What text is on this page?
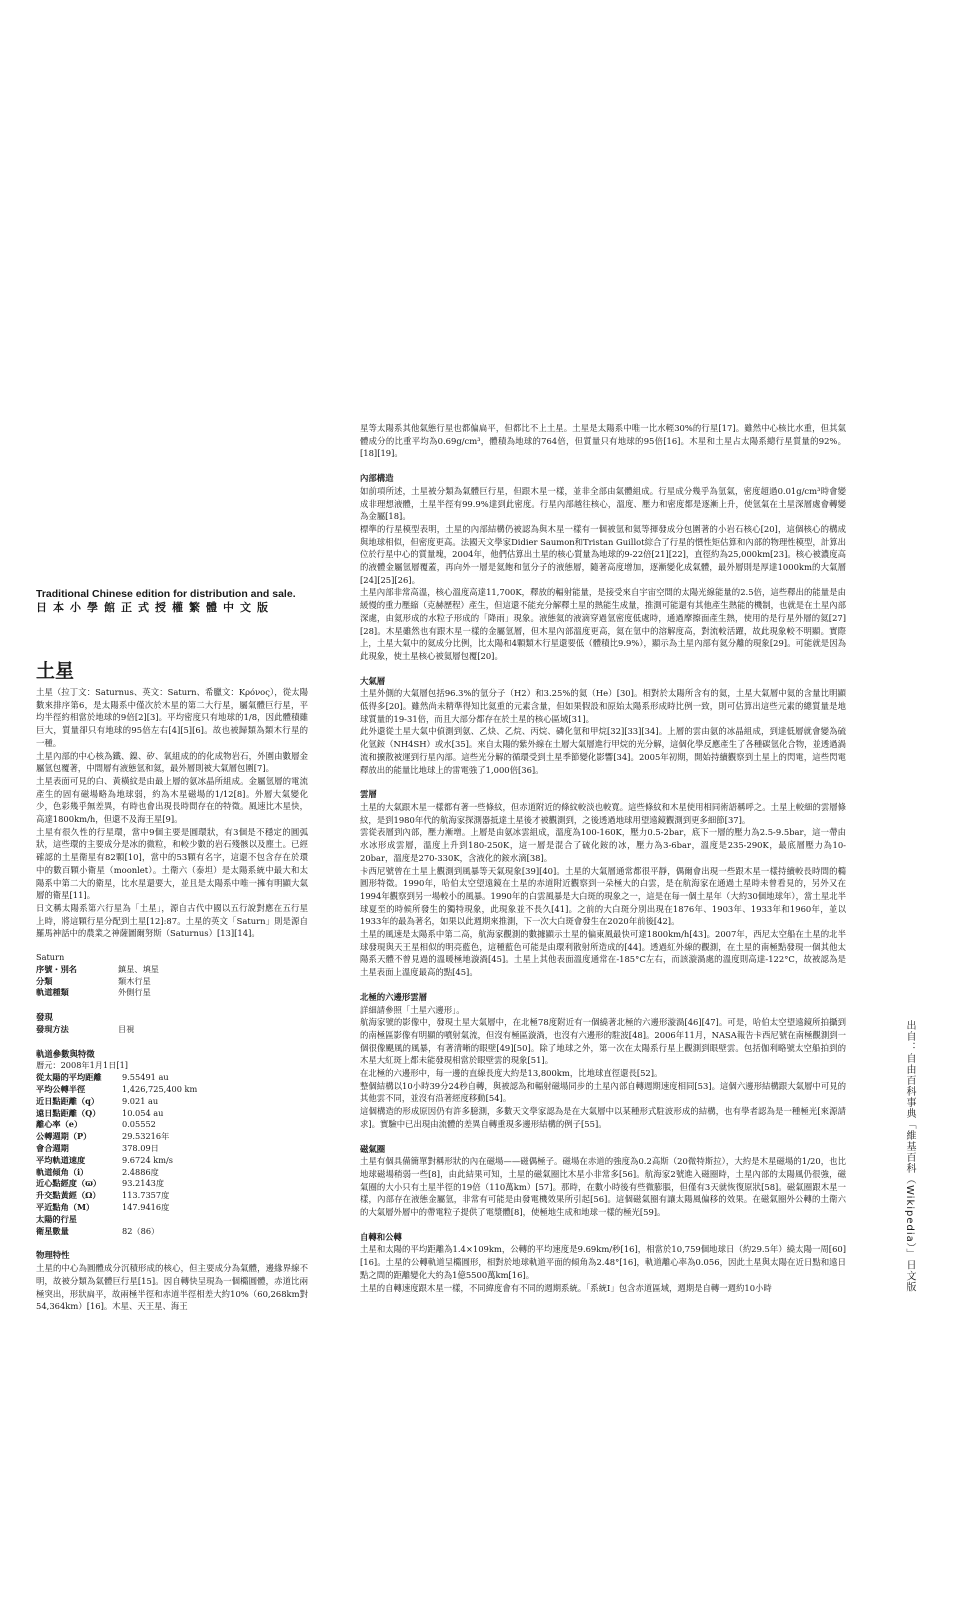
Traditional Chinese edition for distribution and sale.

日本小學館正式授權繁體中文版

土星

土星（拉丁文：Saturnus、英文：Saturn、希臘文：Κρόνος），從太陽數來排序第6，是太陽系中僅次於木星的第二大行星，屬氣體巨行星，平均半徑約相當於地球的9倍[2][3]。平均密度只有地球的1/8，因此體積雖巨大，質量卻只有地球的95倍左右[4][5][6]。故也被歸類為類木行星的一種。

土星內部的中心核為鐵、鎳、矽、氧組成的的化成物岩石，外圍由數層金屬氫包覆著，中間層有液態氫和氦，最外層則被大氣層包圍[7]。

土星表面可見的白、黃橫紋是由最上層的氨冰晶所組成。金屬氫層的電流產生的固有磁場略為地球弱，約為木星磁場的1/12[8]。外層大氣變化少，色彩幾乎無差異，有時也會出現長時間存在的特徵。風速比木星快，高達1800km/h，但還不及海王星[9]。

土星有很久性的行星環，當中9個主要是圓環狀，有3個是不穩定的圓弧狀，這些環的主要成分是冰的微粒，和較少數的岩石殘骸以及塵土。已經確認的土星衛星有82顆[10]，當中的53顆有名字，這還不包含存在於環中的數百顆小衛星（moonlet）。土衛六（泰坦）是太陽系統中最大和太陽系中第二大的衛星，比水星還要大，並且是太陽系中唯一擁有明顯大氣層的衛星[11]。

日文稱太陽系第六行星為「土星」，源自古代中國以五行說對應在五行星上時，將這顆行星分配到土星[12]:87。土星的英文「Saturn」則是源自羅馬神話中的農業之神薩圖爾努斯（Saturnus）[13][14]。

Saturn

序號・別名	鎮星、填星
分類	類木行星
軌道種類	外側行星

發現

發現方法	目視

軌道參數與特徵

曆元：2008年1月1日[1]

從太陽的平均距離	9.55491 au
平均公轉半徑	1,426,725,400 km
近日點距離（q）	9.021 au
遠日點距離（Q）	10.054 au
離心率（e）	0.05552
公轉週期（P）	29.53216年
會合週期	378.09日
平均軌道速度	9.6724 km/s
軌道傾角（i）	2.4886度
近心點經度（ϖ）	93.2143度
升交點黃經（Ω）	113.7357度
平近點角（M）	147.9416度
太陽的行星	
衛星數量	82（86）

物理特性

土星的中心為圓體成分沉積形成的核心，但主要成分為氣體，邊緣界線不明，故被分類為氣體巨行星[15]。因自轉快呈現為一個橢圓體，赤道比兩極突出，形狀扁平，故兩極半徑和赤道半徑相差大約10%（60,268km對54,364km）[16]。木星、天王星、海王

星等太陽系其他氣態行星也都偏扁平，但都比不上土星。土星是太陽系中唯一比水輕30%的行星[17]。雖然中心核比水重，但其氣體成分的比重平均為0.69g/cm³，體積為地球的764倍，但質量只有地球的95倍[16]。木星和土星占太陽系總行星質量的92%。[18][19]。

內部構造

如前項所述，土星被分類為氣體巨行星，但跟木星一樣，並非全部由氣體組成。行星成分幾乎為氫氣，密度超過0.01g/cm³時會變成非理想液體，土星半徑有99.9%達到此密度。行星內部越往核心，溫度、壓力和密度都是逐漸上升，使氫氣在土星深層處會轉變為金屬[18]。

標準的行星模型表明，土星的內部結構仍被認為與木星一樣有一個被氫和氦等揮發成分包圍著的小岩石核心[20]，這個核心的構成與地球相似，但密度更高。法國天文學家Didier Saumon和Tristan Guillot綜合了行星的慣性矩估算和內部的物理性模型，計算出位於行星中心的質量塊，2004年，他們估算出土星的核心質量為地球的9-22倍[21][22]，直徑約為25,000km[23]。核心被濃度高的液體金屬氫層覆蓋，再向外一層是氦飽和氫分子的液態層，隨著高度增加，逐漸變化成氣體，最外層則是厚達1000km的大氣層[24][25][26]。

土星內部非常高溫，核心溫度高達11,700K，釋放的輻射能量，是接受來自宇宙空間的太陽光線能量的2.5倍，這些釋出的能量是由緩慢的重力壓縮（克赫歷程）產生，但這還不能充分解釋土星的熱能生成量，推測可能還有其他產生熱能的機制，也就是在土星內部深處，由氦形成的水粒子形成的「降雨」現象。液態氦的液滴穿過氫密度低處時，通過摩擦面產生熱，使用的是行星外層的氦[27][28]。木星雖然也有跟木星一樣的金屬氫層，但木星內部溫度更高，氦在氫中的溶解度高，對流較活躍，故此現象較不明顯。實際上，土星大氣中的氦成分比例，比太陽和4顆類木行星還要低（體積比9.9%），顯示為土星內部有氦分離的現象[29]。可能就是因為此現象，使土星核心被氦層包覆[20]。

大氣層

土星外側的大氣層包括96.3%的氫分子（H2）和3.25%的氦（He）[30]。相對於太陽所含有的氦，土星大氣層中氦的含量比明顯低得多[20]。雖然尚未精準得知比氦重的元素含量，但如果假設和原始太陽系形成時比例一致，則可估算出這些元素的總質量是地球質量的19-31倍，而且大部分都存在於土星的核心區域[31]。

此外還從土星大氣中偵測到氨、乙炔、乙烷、丙烷、磷化氫和甲烷[32][33][34]。上層的雲由氨的冰晶組成，到達低層就會變為硫化氫銨（NH4SH）或水[35]。來自太陽的紫外線在土層大氣層進行甲烷的光分解，這個化學反應產生了各種碳氫化合物，並透過渦流和擴散被運到行星內部。這些光分解的循環受到土星季節變化影響[34]。2005年初期，開始持續觀察到土星上的閃電，這些閃電釋放出的能量比地球上的雷電強了1,000倍[36]。

雲層

土星的大氣跟木星一樣都有著一些條紋，但赤道附近的條紋較淡也較寬。這些條紋和木星使用相同術語稱呼之。土星上較細的雲層條紋，是到1980年代的航海家探測器抵達土星後才被觀測到，之後透過地球用望遠鏡觀測到更多細節[37]。

雲從表層到內部，壓力漸增。上層是由氨冰雲組成，溫度為100-160K，壓力0.5-2bar，底下一層的壓力為2.5-9.5bar，這一帶由水冰形成雲層，溫度上升到180-250K，這一層是混合了硫化銨的冰，壓力為3-6bar，溫度是235-290K，最底層壓力為10-20bar，溫度是270-330K，含液化的銨水滴[38]。

卡西尼號曾在土星上觀測到風暴等天氣現象[39][40]。土星的大氣層通常都很平靜，偶爾會出現一些跟木星一樣持續較長時間的橢圓形特徵。1990年，哈伯太空望遠鏡在土星的赤道附近觀察到一朵極大的白雲，是在航海家在通過土星時未曾看見的，另外又在1994年觀察到另一場較小的風暴。1990年的白雲風暴是大白斑的現象之一，這是在每一個土星年（大約30個地球年），當土星北半球夏至的時候所發生的獨特現象，此現象並不長久[41]。之前的大白斑分別出現在1876年、1903年、1933年和1960年，並以1933年的最為著名，如果以此週期來推測，下一次大白斑會發生在2020年前後[42]。

土星的風速是太陽系中第二高，航海家觀測的數據顯示土星的偏東風最快可達1800km/h[43]。2007年，西尼太空船在土星的北半球發現與天王星相似的明亮藍色，這種藍色可能是由環利散射所造成的[44]。透過紅外線的觀測，在土星的南極點發現一個其他太陽系天體不曾見過的溫暖極地漩渦[45]。土星上其他表面溫度通常在-185°C左右，而該漩渦處的溫度則高達-122°C，故被認為是土星表面上溫度最高的點[45]。

北極的六邊形雲層

詳細請參照「土星六邊形」。

航海家號的影像中，發現土星大氣層中，在北極78度附近有一個繞著北極的六邊形漩渦[46][47]。可是，哈伯太空望遠鏡所拍攝到的南極區影像有明顯的噴射氣流，但沒有極區漩渦，也沒有六邊形的駐波[48]。2006年11月，NASA報告卡西尼號在南極觀測到一個很像颶風的風暴，有著清晰的眼壁[49][50]。除了地球之外，第一次在太陽系行星上觀測到眼壁雲。包括伽利略號太空船拍到的木星大紅斑上都未能發現相當於眼壁雲的現象[51]。

在北極的六邊形中，每一邊的直線長度大約是13,800km，比地球直徑還長[52]。

整個結構以10小時39分24秒自轉，與被認為和輻射磁場同步的土星內部自轉週期速度相同[53]。這個六邊形結構跟大氣層中可見的其他雲不同，並沒有沿著經度移動[54]。

這個構造的形成原因仍有許多臆測，多數天文學家認為是在大氣層中以某種形式駐波形成的結構，也有學者認為是一種極光[來源請求]。實驗中已出現由流體的差異自轉重現多邊形結構的例子[55]。

磁氣圈

土星有個具備簡單對稱形狀的內在磁場——磁偶極子。磁場在赤道的強度為0.2高斯（20微特斯拉），大約是木星磁場的1/20，也比地球磁場稍弱一些[8]，由此結果可知，土星的磁氣圈比木星小非常多[56]。航海家2號進入磁圈時，土星內部的太陽風仍很強，磁氣圈的大小只有土星半徑的19倍（110萬km）[57]。那時，在數小時後有些微膨脹，但僅有3天就恢復原狀[58]。磁氣圈跟木星一樣，內部存在液態金屬氫，非常有可能是由發電機效果所引起[56]。這個磁氣圈有讓太陽風偏移的效果。在磁氣圈外公轉的土衛六的大氣層外層中的帶電粒子提供了電漿體[8]，使極地生成和地球一樣的極光[59]。

自轉和公轉

土星和太陽的平均距離為1.4×109km，公轉的平均速度是9.69km/秒[16]，相當於10,759個地球日（約29.5年）繞太陽一周[60][16]。土星的公轉軌道呈橢圓形，相對於地球軌道平面的傾角為2.48°[16]，軌道離心率為0.056，因此土星與太陽在近日點和遠日點之間的距離變化大約為1億5500萬km[16]。

土星的自轉速度跟木星一樣，不同緯度會有不同的週期系統。「系統Ⅰ」包含赤道區域，週期是自轉一週約10小時	出自：自由百科事典「維基百科（Wikipedia）」日文版
